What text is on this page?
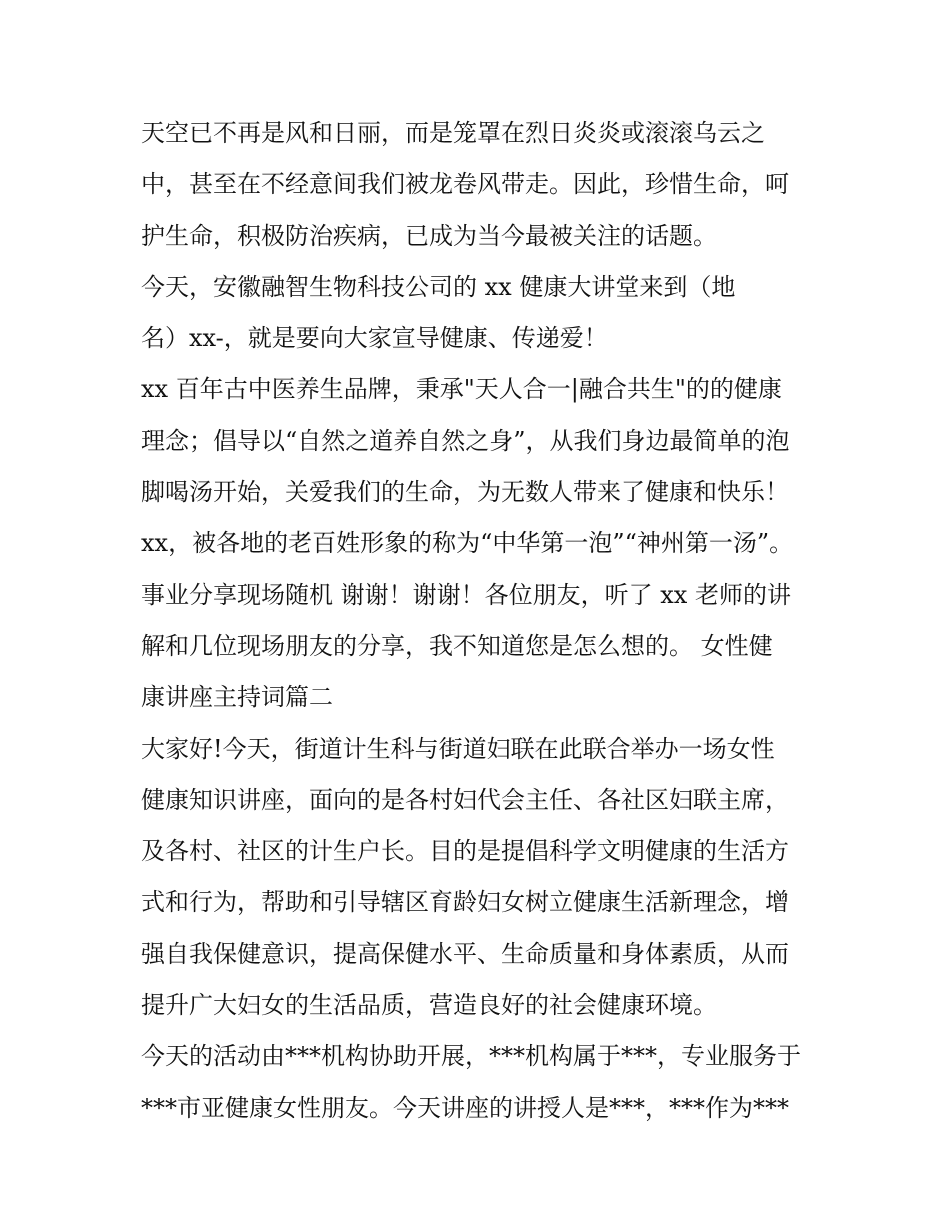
天空已不再是风和日丽，而是笼罩在烈日炎炎或滚滚乌云之
中，甚至在不经意间我们被龙卷风带走。因此，珍惜生命，呵
护生命，积极防治疾病，已成为当今最被关注的话题。
今天，安徽融智生物科技公司的 xx 健康大讲堂来到（地
名）xx-，就是要向大家宣导健康、传递爱！
xx 百年古中医养生品牌，秉承"天人合一|融合共生"的的健康
理念；倡导以“自然之道养自然之身”，从我们身边最简单的泡
脚喝汤开始，关爱我们的生命，为无数人带来了健康和快乐！
xx，被各地的老百姓形象的称为“中华第一泡”“神州第一汤”。
事业分享现场随机 谢谢！谢谢！各位朋友，听了 xx 老师的讲
解和几位现场朋友的分享，我不知道您是怎么想的。 女性健
康讲座主持词篇二
大家好!今天，街道计生科与街道妇联在此联合举办一场女性
健康知识讲座，面向的是各村妇代会主任、各社区妇联主席，
及各村、社区的计生户长。目的是提倡科学文明健康的生活方
式和行为，帮助和引导辖区育龄妇女树立健康生活新理念，增
强自我保健意识，提高保健水平、生命质量和身体素质，从而
提升广大妇女的生活品质，营造良好的社会健康环境。
今天的活动由***机构协助开展，***机构属于***，专业服务于
***市亚健康女性朋友。今天讲座的讲授人是***，***作为***
